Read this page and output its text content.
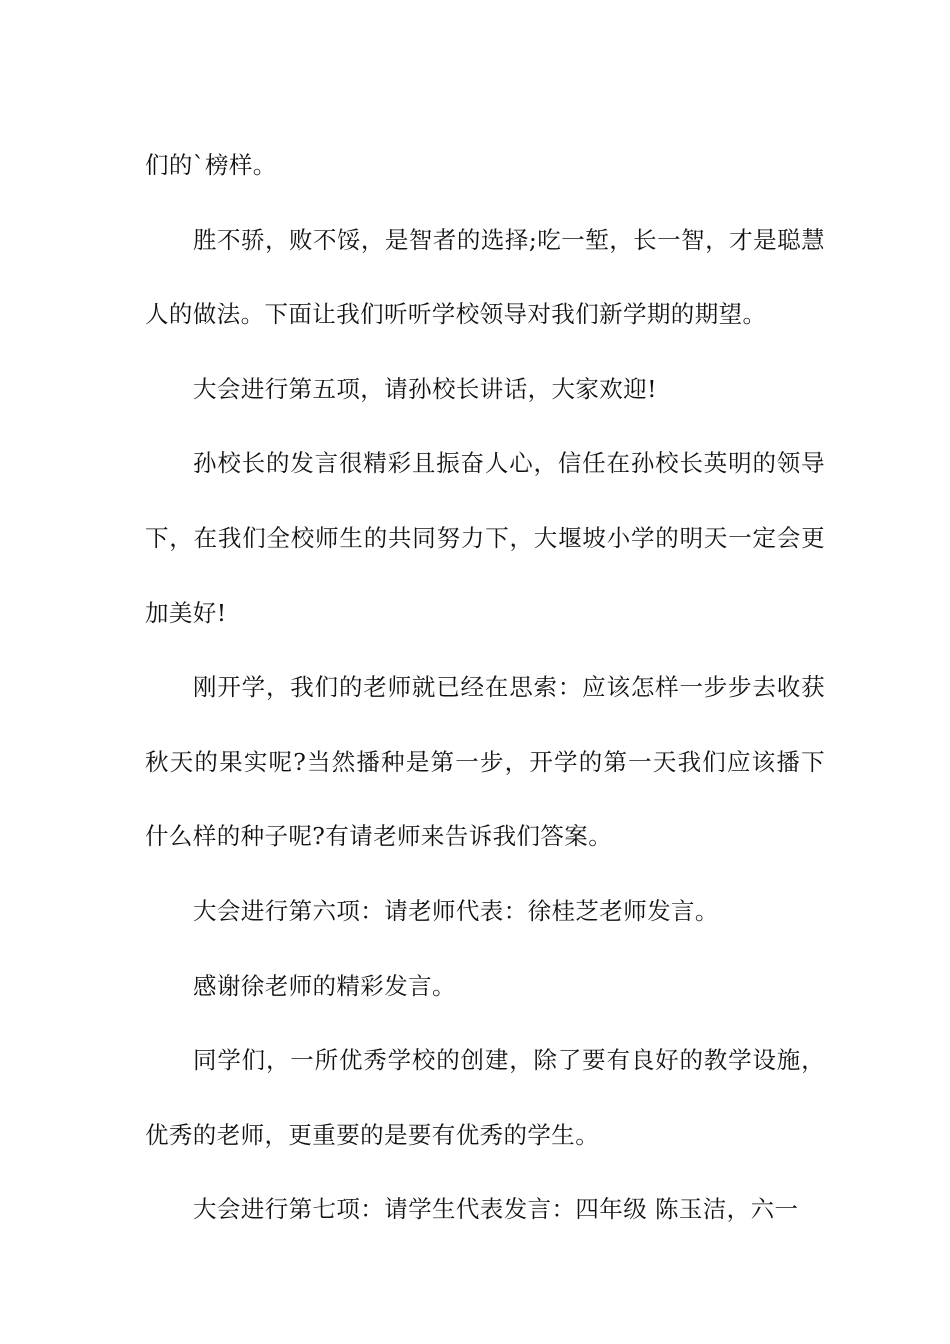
们的`榜样。

胜不骄，败不馁，是智者的选择;吃一堑，长一智，才是聪慧人的做法。下面让我们听听学校领导对我们新学期的期望。

大会进行第五项，请孙校长讲话，大家欢迎!

孙校长的发言很精彩且振奋人心，信任在孙校长英明的领导下，在我们全校师生的共同努力下，大堰坡小学的明天一定会更加美好!

刚开学，我们的老师就已经在思索：应该怎样一步步去收获秋天的果实呢?当然播种是第一步，开学的第一天我们应该播下什么样的种子呢?有请老师来告诉我们答案。

大会进行第六项：请老师代表：徐桂芝老师发言。

感谢徐老师的精彩发言。

同学们，一所优秀学校的创建，除了要有良好的教学设施，优秀的老师，更重要的是要有优秀的学生。

大会进行第七项：请学生代表发言：四年级 陈玉洁，六一
